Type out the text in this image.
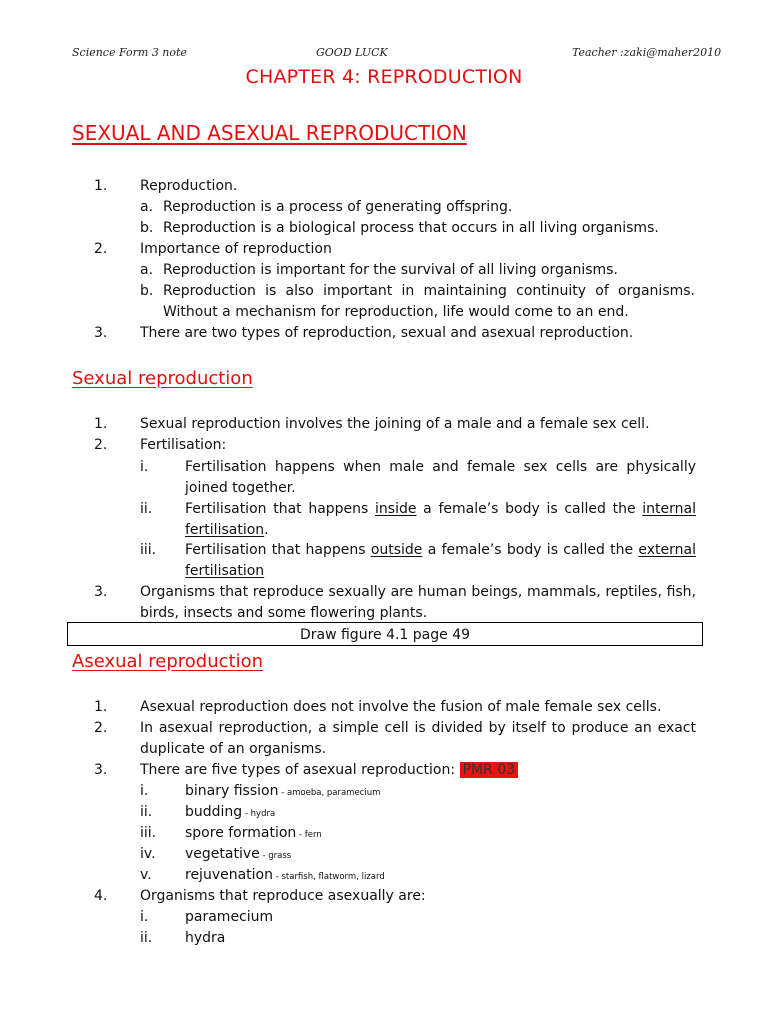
Science Form 3 note	GOOD LUCK	Teacher :zaki@maher2010
CHAPTER 4: REPRODUCTION
SEXUAL AND ASEXUAL REPRODUCTION
1. Reproduction.
a. Reproduction is a process of generating offspring.
b. Reproduction is a biological process that occurs in all living organisms.
2. Importance of reproduction
a. Reproduction is important for the survival of all living organisms.
b. Reproduction is also important in maintaining continuity of organisms.
Without a mechanism for reproduction, life would come to an end.
3. There are two types of reproduction, sexual and asexual reproduction.
Sexual reproduction
1. Sexual reproduction involves the joining of a male and a female sex cell.
2. Fertilisation:
i.	Fertilisation happens when male and female sex cells are physically
joined together.
ii. Fertilisation that happens inside a female’s body is called the internal
fertilisation.
iii. Fertilisation that happens outside a female’s body is called the external
fertilisation
3. Organisms that reproduce sexually are human beings, mammals, reptiles, fish,
birds, insects and some flowering plants.
Draw figure 4.1 page 49
Asexual reproduction
1. Asexual reproduction does not involve the fusion of male female sex cells.
2. In asexual reproduction, a simple cell is divided by itself to produce an exact
duplicate of an organisms.
3. There are five types of asexual reproduction: PMR 03
i.	binary fission - amoeba, paramecium
ii. budding - hydra
iii. spore formation - fern
iv. vegetative - grass
v. rejuvenation - starfish, flatworm, lizard
4. Organisms that reproduce asexually are:
i.	paramecium
ii. hydra
